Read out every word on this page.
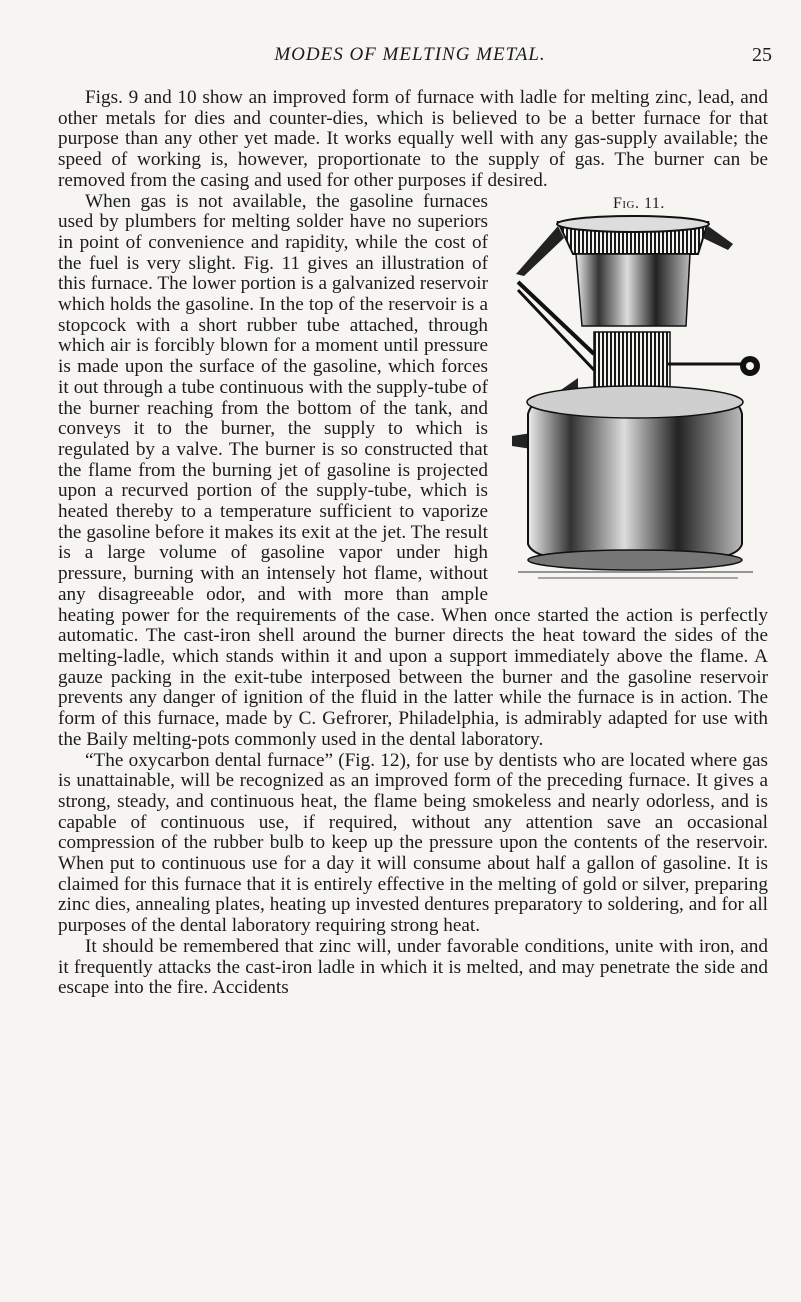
MODES OF MELTING METAL.	25

Figs. 9 and 10 show an improved form of furnace with ladle for melting zinc, lead, and other metals for dies and counter-dies, which is believed to be a better furnace for that purpose than any other yet made. It works equally well with any gas-supply available; the speed of working is, however, proportionate to the supply of gas. The burner can be removed from the casing and used for other purposes if desired.

Fig. 11.

When gas is not available, the gasoline furnaces used by plumbers for melting solder have no superiors in point of convenience and rapidity, while the cost of the fuel is very slight. Fig. 11 gives an illustration of this furnace. The lower portion is a galvanized reservoir which holds the gasoline. In the top of the reservoir is a stopcock with a short rubber tube attached, through which air is forcibly blown for a moment until pressure is made upon the surface of the gasoline, which forces it out through a tube continuous with the supply-tube of the burner reaching from the bottom of the tank, and conveys it to the burner, the supply to which is regulated by a valve. The burner is so constructed that the flame from the burning jet of gasoline is projected upon a recurved portion of the supply-tube, which is heated thereby to a temperature sufficient to vaporize the gasoline before it makes its exit at the jet. The result is a large volume of gasoline vapor under high pressure, burning with an intensely hot flame, without any disagreeable odor, and with more than ample heating power for the requirements of the case. When once started the action is perfectly automatic. The cast-iron shell around the burner directs the heat toward the sides of the melting-ladle, which stands within it and upon a support immediately above the flame. A gauze packing in the exit-tube interposed between the burner and the gasoline reservoir prevents any danger of ignition of the fluid in the latter while the furnace is in action. The form of this furnace, made by C. Gefrorer, Philadelphia, is admirably adapted for use with the Baily melting-pots commonly used in the dental laboratory.

“The oxycarbon dental furnace” (Fig. 12), for use by dentists who are located where gas is unattainable, will be recognized as an improved form of the preceding furnace. It gives a strong, steady, and continuous heat, the flame being smokeless and nearly odorless, and is capable of continuous use, if required, without any attention save an occasional compression of the rubber bulb to keep up the pressure upon the contents of the reservoir. When put to continuous use for a day it will consume about half a gallon of gasoline. It is claimed for this furnace that it is entirely effective in the melting of gold or silver, preparing zinc dies, annealing plates, heating up invested dentures preparatory to soldering, and for all purposes of the dental laboratory requiring strong heat.

It should be remembered that zinc will, under favorable conditions, unite with iron, and it frequently attacks the cast-iron ladle in which it is melted, and may penetrate the side and escape into the fire. Accidents
